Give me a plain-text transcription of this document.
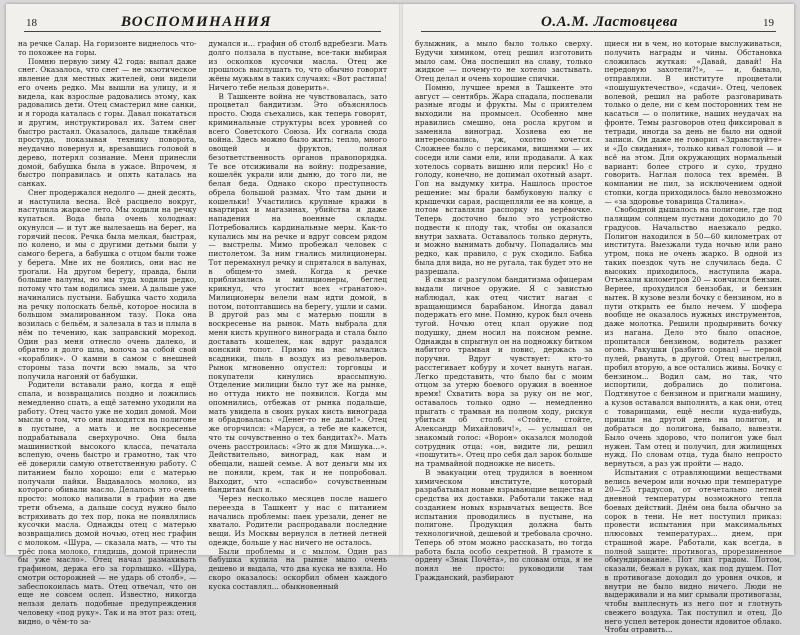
18	ВОСПОМИНАНИЯ

на речке Салар. На горизонте виднелось что-то похожее на горы.

Помню первую зиму 42 года: выпал даже снег. Оказалось, что снег — не экзотическое явление для местных жителей, они видели его очень редко. Мы вышли на улицу, и я видела, как взрослые радовались этому, как радовались дети. Отец смастерил мне санки, и я города каталась с горы. Давал покататься и другим, инструктировал их. Затем снег быстро растаял. Оказалось, дальше тяжёлая простуда, показывая технику поворота, неудачно повернул и, врезавшись головой в дерево, потерял сознание. Меня принесли домой, бабушка была в ужасе. Впрочем, я быстро поправилась и опять каталась на санках.

Снег продержался недолго — дней десять, и наступила весна. Всё расцвело вокруг, наступила жаркое лето. Мы ходили на речку купаться. Вода была очень холодная: окунулся — и тут же вылезаешь на берег, на горячий песок. Речка была мелкая, быстрая, по колено, и мы с другими детьми были у самого берега, а бабушка с отцом были тоже у берега. Мне их не боялись, они нас не трогали. На другом берегу, правда, были большие валуны, но мы туда ходили редко, потому что там водились змеи. А дальше уже начинались пустыни. Бабушка часто ходила на речку полоскать бельё, которое носила в большом эмалированном тазу. Пока она возилась с бельём, я залезала в таз и плыла в нём по течению, как заправский мореход. Один раз меня отнесло очень далеко, и обратно я долго шла, волоча за собой свой «кораблик». О камни в самом с внешней стороны таза почти всю эмаль, за что получила нагоняй от бабушки.

Родители вставали рано, когда я ещё спала, и возвращались поздно и ложились немедленно спать, а ещё затемно уходили на работу. Отец часто уже не ходил домой. Мои мысли о том, что они находятся на полигоне в пустыне, а мать и не воскресенье подрабатывала сверхурочно. Она была машинисткой высокого класса, печатала вслепую, очень быстро и грамотно, так что её доверяли самую ответственную работу. С питанием было хорошо: ели с матерью получали пайки. Выдавалось молоко, из которого обивали масло. Делалось это очень просто: молоко наливали в графин на две трети объема, а дальше сосуд нужно было встряхивать до тех пор, пока не появлялись кусочки масла. Однажды отец с матерью возвращались домой ночью, отец нес графин с молоком. «Шура, — сказала мать, — что ты трёс пока молоко, глядишь, домой принесли бы уже масло». Отец начал размахивать графином, держа его за горлышко. «Шура, смотри осторожней — не ударь об столб», — забеспокоилась мать. Отец отвечал, что он еще не совсем ослеп. Известно, никогда нельзя делать подобные предупреждения человеку «под руку». Так и на этот раз: отец, видно, о чём-то за-

думался и… графин об столб вдребезги. Мать долго ползала в пустыне, все-таки выбирая из осколков кусочки масла. Отец же прошлось выслушать то, что обычно говорят жёны мужьям в таких случаях: «Вот растяпа! Ничего тебе нельзя доверить».

В Ташкенте война не чувствовалась, зато процветал бандитизм. Это объяснялось просто. Сюда съехались, как теперь говорят, криминальные структуры всех уровней со всего Советского Союза. Их согнала сюда война. Здесь можно было жить: тепло, много овощей и фруктов, полная безответственность органов правопорядка. Те все отсиживали на войну: подрезание, кошелёк украли или дыню, до того ли, не белая беда. Однако скоро преступность обрела большой размах. Что там дыни и кошельки! Участились крупные кражи в квартирах и магазинах, убийства и даже нападения на военные склады. Потребовались кардинальные меры. Как-то купались мы на речке и вдруг совсем рядом — выстрелы. Мимо пробежал человек с пистолетом. За ним гнались милиционеры. Тот перемахнул речку и спрятался в валунах, в общем-то змей. Когда к речке приблизились и милиционеры, беглец крикнул, что угостит всех «гранатою». Милиционеры велели нам идти домой, в потом, потоптавшись на берегу, ушли и сами. В другой раз мы с матерью пошли в воскресенье на рынок. Мать выбрала для меня кисть крупного винограда и стала было доставать кошелек, как вдруг раздался конский топот. Прямо на нас мчались всадники, пыль в воздух из револьверов. Рынок мгновенно опустел: торговцы и покупатели кинулись врассыпную. Отделение милиции было тут же на рынке, но оттуда никто не появился. Когда мы опомнились, отбежав от рынка подальше, мать увидела в своих руках кисть винограда и обрадовалась: «Денег-то не дали!». Отец же огорчился: «Маруся, а тебе не кажется, что ты сочувственно о тех бандитах?». Мать очень расстроилась: «Это ж для Мишука…». Действительно, виноград, как нам и обещали, нашей семье. А вот деньги мы их не поняли, крем, так и не попробовал. Выходит, что «спасибо» сочувственным бандитам был я.

Через несколько месяцев после нашего переезда в Ташкент у нас с питанием начались проблемы: паек урезали, денег не хватало. Родители распродавали последние вещи. Из Москвы вернулся в летней летней одежде, больше у нас ничего не осталось.

Были проблемы и с мылом. Один раз бабушка купила на рынке мыло очень дешево и выдала, что два куска не взяла. Но скоро оказалось: оскорбил обмен каждого куска составлял… обыкновенный

О.А.М. Ластовцева	19

булыжник, а мыло было только сверху. Будучи химиком, отец решил изготовить мыло сам. Она поспешил на славу, только жидкое — почему-то не хотело застывать. Отец делал и очень хорошие спички.

Помню, лучшее время в Ташкенте это август — сентябрь. Жара спадала, поспевали разные ягоды и фрукты. Мы с приятелем выходили на промысел. Особенно мне нравились смешно, она росла кругом и заменяла виноград. Хозяева ею не интересовались, уж, охотно хочется. Сложнее было с персиками, вишнями — их соседи или сами ели, или продавали. А как хотелось сорвать вишню или персик! Но с голоду, конечно, не допимал охотный азарт. Гоп на выдумку хитра. Нашлось простое решение: мы брали бамбуковую палку с крышечки сарая, расщепляли ее на конце, а потом вставляли распорку на верёвочке. Теперь досточно было это устройство подвести к плоду так, чтобы он оказался внутри захвата. Оставалось только дернуть, и можно вынимать добычу. Попадались мы редко, как правило, с рук сходило. Бабка была для вида, но не ругала, так будет это не разрешала.

В связи с разгулом бандитизма офицерам выдали личное оружие. Я с завистью наблюдал, как отец чистит наган с вращающимся барабаном. Иногда давал подержать его мне. Помню, курок был очень тугой. Ночью отец клал оружие под подушку, днем носил на поясном ремне. Однажды в спрыгнул он на подножку битком набитого трамвая и повис, держась за поручни. Вдруг чувствует: кто-то расстегивает кобуру и хочет вынуть наган. Легко представить, что было бы с моим отцом за утерю боевого оружия в военное время! Схватить вора за руку он не мог, оставалось только одно — немедленно прыгать с трамвая на полном ходу, рискуя убиться об столб. «Стойте, стойте, Александр Михайлович!», — услышал он знакомый голос: «Ворон» оказался молодой сотрудник отца: «он, видите ли, решил «пошутить». Отец про себя дал зарок больше на трамвайной подножке не висеть.

В эвакуации отец трудился в военном химическом институте, который разрабатывал новые взрывающие вещества и средства их доставки. Работали также над созданием новых взрывчатых веществ. Все испытания проводились в пустыне, на полигоне. Продукция должна быть технологичной, дешевой и требовала срочно. Теперь об этом можно рассказать, но тогда работа была особо секретной. В грамоте к ордену «Знак Почёта», по словам отца, я не понял не просто: руководили там Гражданский, разбирают

щиеся ни в чем, но которые выслуживаться, получить награды и чины. Обстановка сложилась жуткая: «Давай, давай! На передовую захотели?!», — и, бывало, отправляли. В институте процветали «пошушуктечество», «сдачи». Отец, человек волевой, решил на работе разговаривать только о деле, ни с кем посторонних тем не касаться — о политике, наших неудачах на фронте. Темы разговоров отец фиксировал в тетради, иногда за день не было ни одной записи. Он даже не говорил «Здравствуйте» и «До свидания», только кивал головой — и всё на этом. Для окружающих нормальный вариант: более строго и сухо, трудно говорить. Наглая полоса тех времён. В компании не пил, за исключением одной стопки, когда приходилось было невозможно — «за здоровье товарища Сталина».

Свободной дышалось на полигоне, где под палящим солнцем пустыни доходило до 70 градусов. Начальство наезжало редко. Полигон находился в 50—60 километрах от института. Выезжали туда ночью или рано утром, пока не очень жарко. В одной из таких поездок чуть не случилась беда. С высоких приходилось, наступила жара. Отъехали километров 20 — кончился бензин. Вернее, прохудился бензобак, и бензин вытек. В кузове везли бочку с бензином, но в пути открыть ее было нечем. У шофера вообще не оказалось нужных инструментов, даже молотка. Решили продырявить бочку из нагана. Дело это было опасное, пропитался бензином, водитель разжег огонь. Ракушки (разбито сорвал) — первой пулей, рвануть, в другой. Отец выстрелил, пробил вторую, а все остались живы. Бочку с бензином... Водил сам, но так, что испортили, добрались до полигона. Подтянутое с бензином и пригнали машину, а кузов оставался выполнять, а как они, отец с товарищами, ещё несли куда-нибудь, пришли на другой день на полигон, и добраться до полигона, бывало, вывезти. Было очень здорово, что полигон уже был нужен. Там отец и получил, для жилищных нужд. По словам отца, туда было непросто вернуться, а раз уж пройти — надо.

Испытания с отравляющими веществами велись вечером или ночью при температуре 20—25 градусов, от отечетально летней дневной температуры возможного тепла боевых действий. Днём она была обычно за сорок в тени. Не нет поступил приказ: провести испытания при максимальных плюсовых температурах... днем, при страшной жаре. Работали, как всегда, в полной защите: противогаз, прорезиненное обмундирование. Пот лил градом. Потом, сказали, бежал в руках, как под душем. Пот в противогазе доходил до уровня очков, и внутри не было видно ничего. Люди не выдерживали и на миг срывали противогазы, чтобы выплеснуть из него пот и глотнуть свежего воздуха. Так поступил и отец. До него успел ветерок донести ядовитое облако. Чтобы отравить...
